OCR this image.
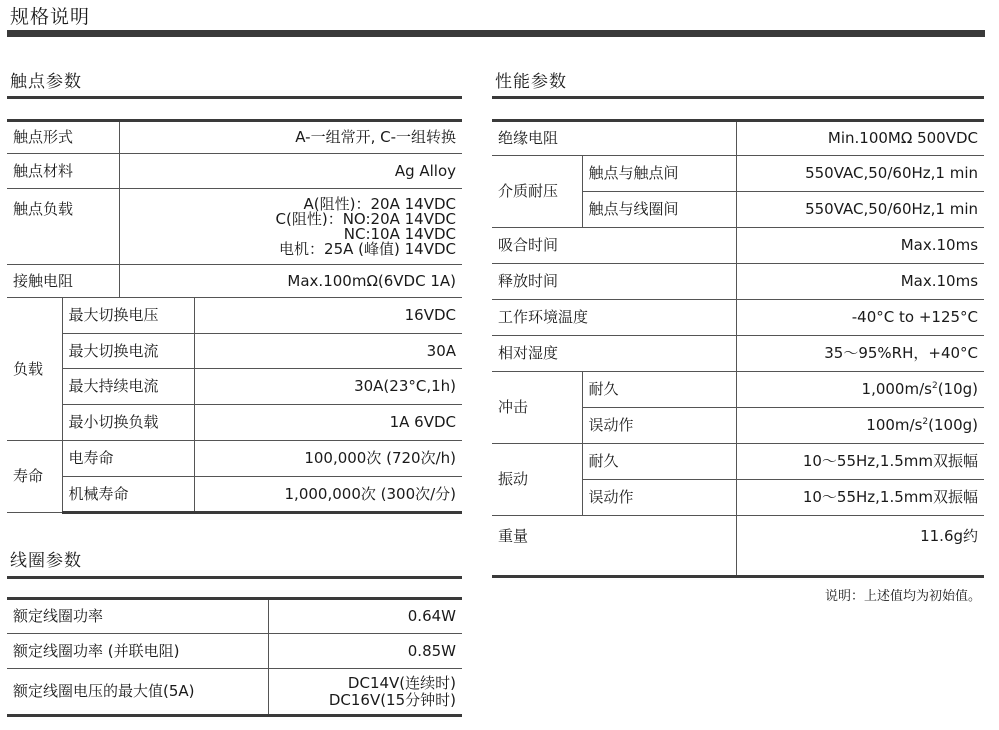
规格说明
触点参数
触点形式		A-一组常开, C-一组转换	
触点材料		Ag Alloy	
触点负载		A(阻性)：20A 14VDC
C(阻性)：NO:20A 14VDC
NC:10A 14VDC
电机：25A (峰值) 14VDC	

接触电阻		Max.100mΩ(6VDC 1A)	
负载	最大切换电压		16VDC
	最大切换电流		30A
	最大持续电流		30A(23°C,1h)
	最小切换负载		1A 6VDC
寿命	电寿命		100,000次 (720次/h)
	机械寿命		1,000,000次 (300次/分)
线圈参数
额定线圈功率	0.64W
额定线圈功率 (并联电阻)	0.85W
额定线圈电压的最大值(5A)	DC14V(连续时)
DC16V(15分钟时)
性能参数
绝缘电阻		Min.100MΩ 500VDC
介质耐压	触点与触点间	550VAC,50/60Hz,1 min
	触点与线圈间	550VAC,50/60Hz,1 min
吸合时间		Max.10ms
释放时间		Max.10ms
工作环境温度		-40°C to +125°C
相对湿度		35～95%RH，+40°C
冲击	耐久	$1,000m/s^2(10g)$
	误动作	$100m/s^2(100g)$
振动	耐久	10～55Hz,1.5mm双振幅
	误动作	10～55Hz,1.5mm双振幅
重量		11.6g约
说明：上述值均为初始值。
